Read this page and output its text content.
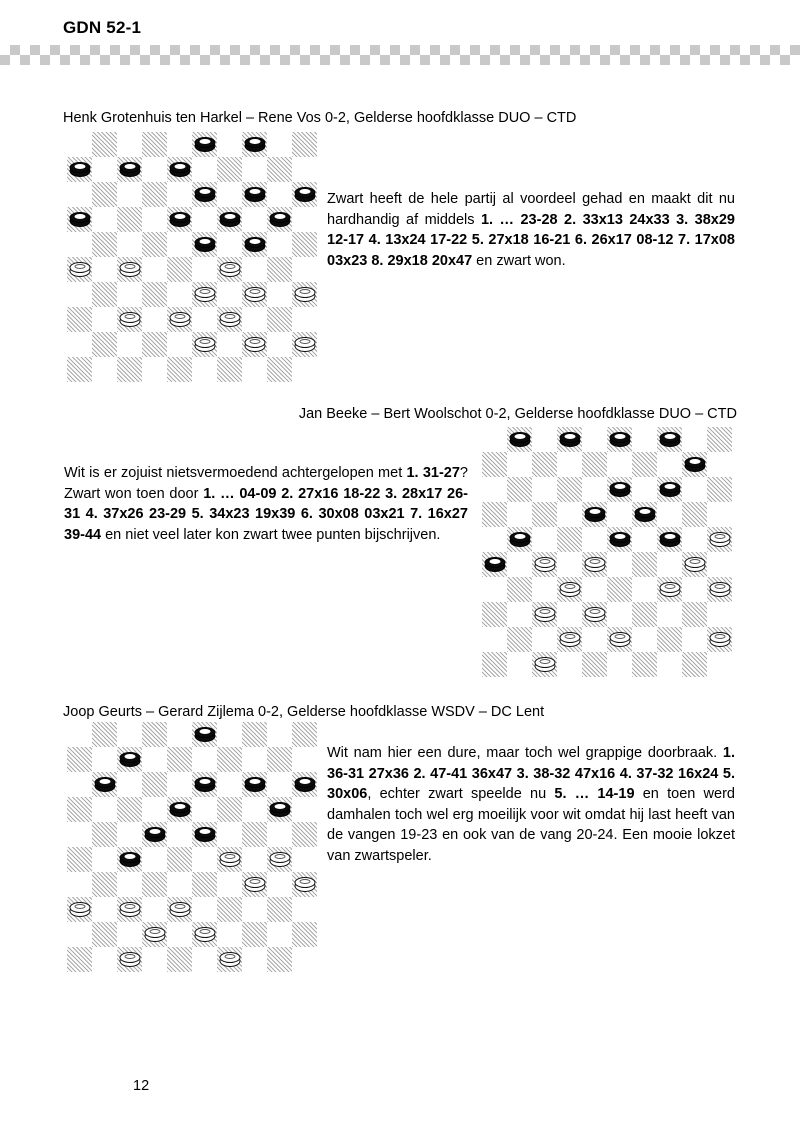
GDN 52-1
Henk Grotenhuis ten Harkel – Rene Vos 0-2, Gelderse hoofdklasse DUO – CTD
Zwart heeft de hele partij al voordeel gehad en maakt dit nu hardhandig af middels 1. … 23-28 2. 33x13 24x33 3. 38x29 12-17 4. 13x24 17-22 5. 27x18 16-21 6. 26x17 08-12 7. 17x08 03x23 8. 29x18 20x47 en zwart won.
Jan Beeke – Bert Woolschot 0-2, Gelderse hoofdklasse DUO – CTD
Wit is er zojuist nietsvermoedend achtergelopen met 1. 31-27? Zwart won toen door 1. … 04-09 2. 27x16 18-22 3. 28x17 26-31 4. 37x26 23-29 5. 34x23 19x39 6. 30x08 03x21 7. 16x27 39-44 en niet veel later kon zwart twee punten bijschrijven.
Joop Geurts – Gerard Zijlema 0-2, Gelderse hoofdklasse WSDV – DC Lent
Wit nam hier een dure, maar toch wel grappige doorbraak. 1. 36-31 27x36 2. 47-41 36x47 3. 38-32 47x16 4. 37-32 16x24 5. 30x06, echter zwart speelde nu 5. … 14-19 en toen werd damhalen toch wel erg moeilijk voor wit omdat hij last heeft van de vangen 19-23 en ook van de vang 20-24. Een mooie lokzet van zwartspeler.
12
